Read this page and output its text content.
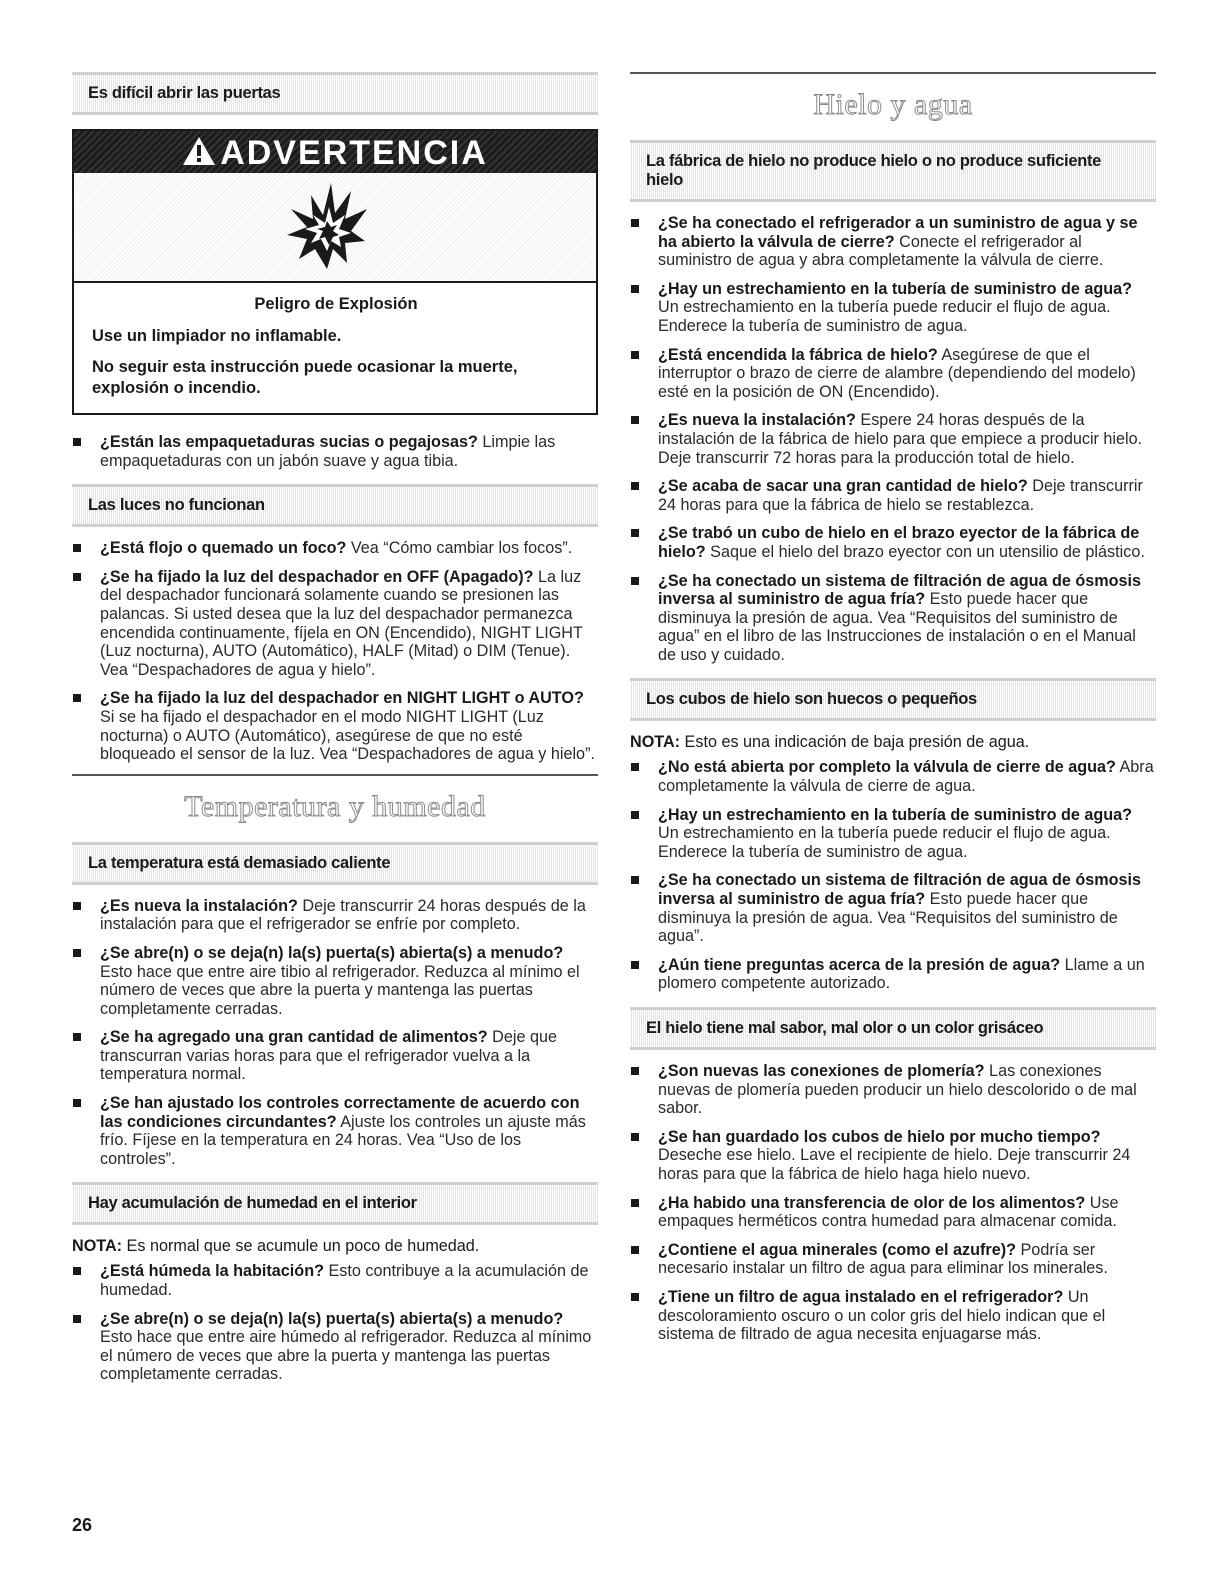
Es difícil abrir las puertas
ADVERTENCIA
Peligro de Explosión

Use un limpiador no inflamable.

No seguir esta instrucción puede ocasionar la muerte, explosión o incendio.

¿Están las empaquetaduras sucias o pegajosas? Limpie las empaquetaduras con un jabón suave y agua tibia.
Las luces no funcionan
¿Está flojo o quemado un foco? Vea “Cómo cambiar los focos”.
¿Se ha fijado la luz del despachador en OFF (Apagado)? La luz del despachador funcionará solamente cuando se presionen las palancas. Si usted desea que la luz del despachador permanezca encendida continuamente, fíjela en ON (Encendido), NIGHT LIGHT (Luz nocturna), AUTO (Automático), HALF (Mitad) o DIM (Tenue). Vea “Despachadores de agua y hielo”.
¿Se ha fijado la luz del despachador en NIGHT LIGHT o AUTO? Si se ha fijado el despachador en el modo NIGHT LIGHT (Luz nocturna) o AUTO (Automático), asegúrese de que no esté bloqueado el sensor de la luz. Vea “Despachadores de agua y hielo”.
Temperatura y humedad
La temperatura está demasiado caliente
¿Es nueva la instalación? Deje transcurrir 24 horas después de la instalación para que el refrigerador se enfríe por completo.
¿Se abre(n) o se deja(n) la(s) puerta(s) abierta(s) a menudo? Esto hace que entre aire tibio al refrigerador. Reduzca al mínimo el número de veces que abre la puerta y mantenga las puertas completamente cerradas.
¿Se ha agregado una gran cantidad de alimentos? Deje que transcurran varias horas para que el refrigerador vuelva a la temperatura normal.
¿Se han ajustado los controles correctamente de acuerdo con las condiciones circundantes? Ajuste los controles un ajuste más frío. Fíjese en la temperatura en 24 horas. Vea “Uso de los controles”.
Hay acumulación de humedad en el interior

NOTA: Es normal que se acumule un poco de humedad.

¿Está húmeda la habitación? Esto contribuye a la acumulación de humedad.
¿Se abre(n) o se deja(n) la(s) puerta(s) abierta(s) a menudo? Esto hace que entre aire húmedo al refrigerador. Reduzca al mínimo el número de veces que abre la puerta y mantenga las puertas completamente cerradas.
Hielo y agua
La fábrica de hielo no produce hielo o no produce suficiente hielo
¿Se ha conectado el refrigerador a un suministro de agua y se ha abierto la válvula de cierre? Conecte el refrigerador al suministro de agua y abra completamente la válvula de cierre.
¿Hay un estrechamiento en la tubería de suministro de agua? Un estrechamiento en la tubería puede reducir el flujo de agua. Enderece la tubería de suministro de agua.
¿Está encendida la fábrica de hielo? Asegúrese de que el interruptor o brazo de cierre de alambre (dependiendo del modelo) esté en la posición de ON (Encendido).
¿Es nueva la instalación? Espere 24 horas después de la instalación de la fábrica de hielo para que empiece a producir hielo. Deje transcurrir 72 horas para la producción total de hielo.
¿Se acaba de sacar una gran cantidad de hielo? Deje transcurrir 24 horas para que la fábrica de hielo se restablezca.
¿Se trabó un cubo de hielo en el brazo eyector de la fábrica de hielo? Saque el hielo del brazo eyector con un utensilio de plástico.
¿Se ha conectado un sistema de filtración de agua de ósmosis inversa al suministro de agua fría? Esto puede hacer que disminuya la presión de agua. Vea “Requisitos del suministro de agua” en el libro de las Instrucciones de instalación o en el Manual de uso y cuidado.
Los cubos de hielo son huecos o pequeños

NOTA: Esto es una indicación de baja presión de agua.

¿No está abierta por completo la válvula de cierre de agua? Abra completamente la válvula de cierre de agua.
¿Hay un estrechamiento en la tubería de suministro de agua? Un estrechamiento en la tubería puede reducir el flujo de agua. Enderece la tubería de suministro de agua.
¿Se ha conectado un sistema de filtración de agua de ósmosis inversa al suministro de agua fría? Esto puede hacer que disminuya la presión de agua. Vea “Requisitos del suministro de agua”.
¿Aún tiene preguntas acerca de la presión de agua? Llame a un plomero competente autorizado.
El hielo tiene mal sabor, mal olor o un color grisáceo
¿Son nuevas las conexiones de plomería? Las conexiones nuevas de plomería pueden producir un hielo descolorido o de mal sabor.
¿Se han guardado los cubos de hielo por mucho tiempo? Deseche ese hielo. Lave el recipiente de hielo. Deje transcurrir 24 horas para que la fábrica de hielo haga hielo nuevo.
¿Ha habido una transferencia de olor de los alimentos? Use empaques herméticos contra humedad para almacenar comida.
¿Contiene el agua minerales (como el azufre)? Podría ser necesario instalar un filtro de agua para eliminar los minerales.
¿Tiene un filtro de agua instalado en el refrigerador? Un descoloramiento oscuro o un color gris del hielo indican que el sistema de filtrado de agua necesita enjuagarse más.
26
